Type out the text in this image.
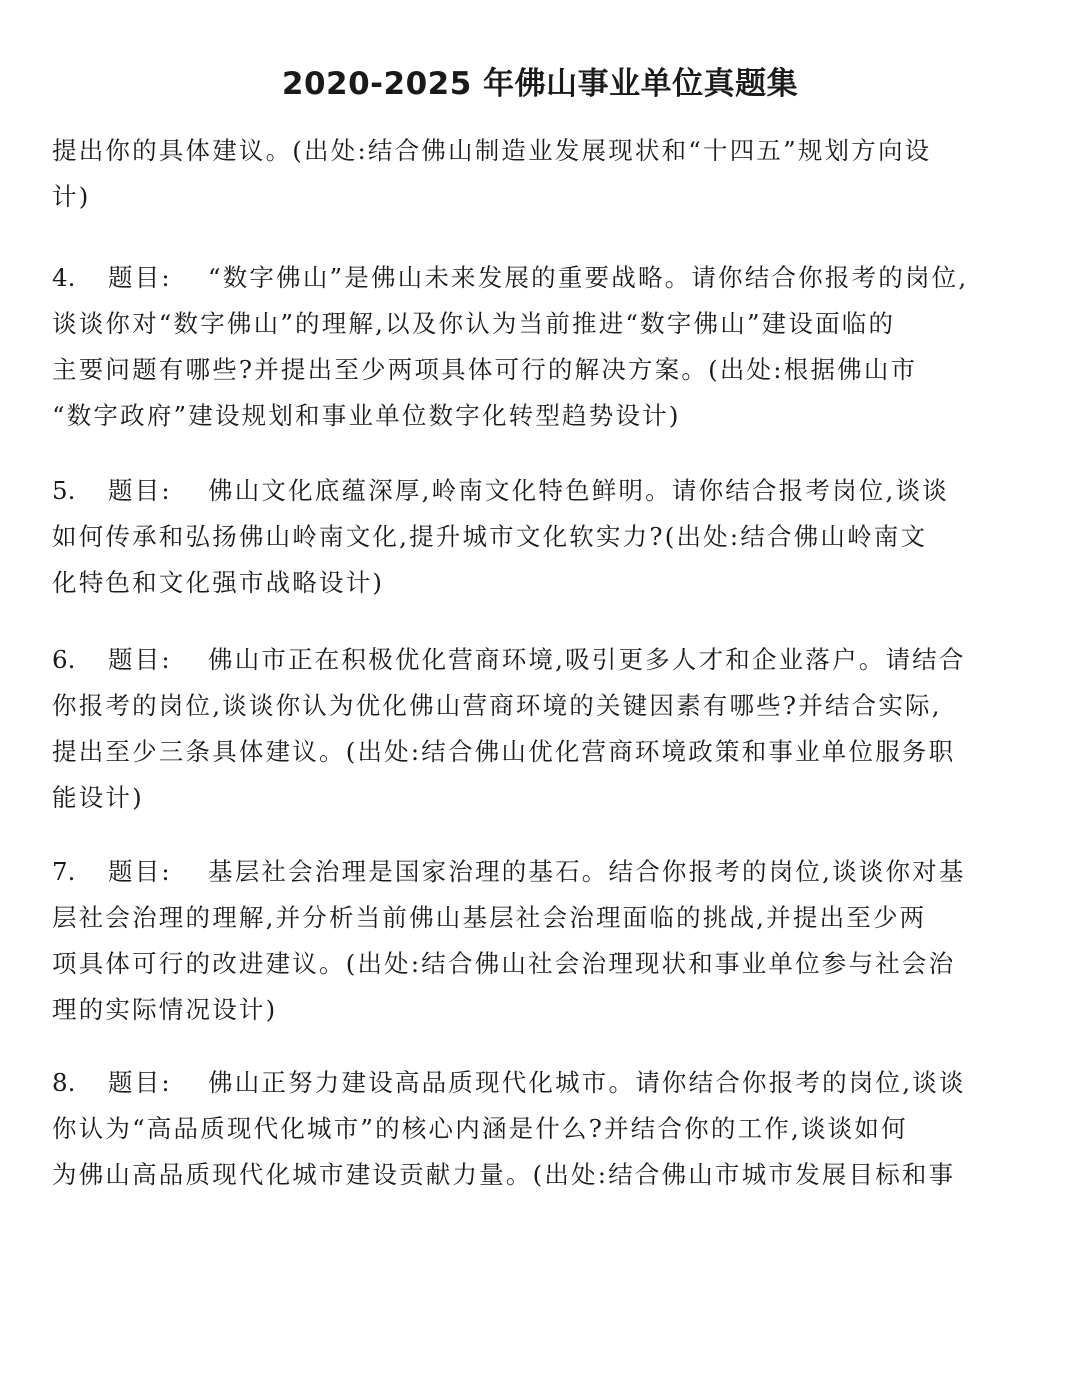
2020-2025 年佛山事业单位真题集
提出你的具体建议。(出处:结合佛山制造业发展现状和“十四五”规划方向设
计)
4. 题目: “数字佛山”是佛山未来发展的重要战略。请你结合你报考的岗位,
谈谈你对“数字佛山”的理解,以及你认为当前推进“数字佛山”建设面临的
主要问题有哪些?并提出至少两项具体可行的解决方案。(出处:根据佛山市
“数字政府”建设规划和事业单位数字化转型趋势设计)
5. 题目: 佛山文化底蕴深厚,岭南文化特色鲜明。请你结合报考岗位,谈谈
如何传承和弘扬佛山岭南文化,提升城市文化软实力?(出处:结合佛山岭南文
化特色和文化强市战略设计)
6. 题目: 佛山市正在积极优化营商环境,吸引更多人才和企业落户。请结合
你报考的岗位,谈谈你认为优化佛山营商环境的关键因素有哪些?并结合实际,
提出至少三条具体建议。(出处:结合佛山优化营商环境政策和事业单位服务职
能设计)
7. 题目: 基层社会治理是国家治理的基石。结合你报考的岗位,谈谈你对基
层社会治理的理解,并分析当前佛山基层社会治理面临的挑战,并提出至少两
项具体可行的改进建议。(出处:结合佛山社会治理现状和事业单位参与社会治
理的实际情况设计)
8. 题目: 佛山正努力建设高品质现代化城市。请你结合你报考的岗位,谈谈
你认为“高品质现代化城市”的核心内涵是什么?并结合你的工作,谈谈如何
为佛山高品质现代化城市建设贡献力量。(出处:结合佛山市城市发展目标和事
